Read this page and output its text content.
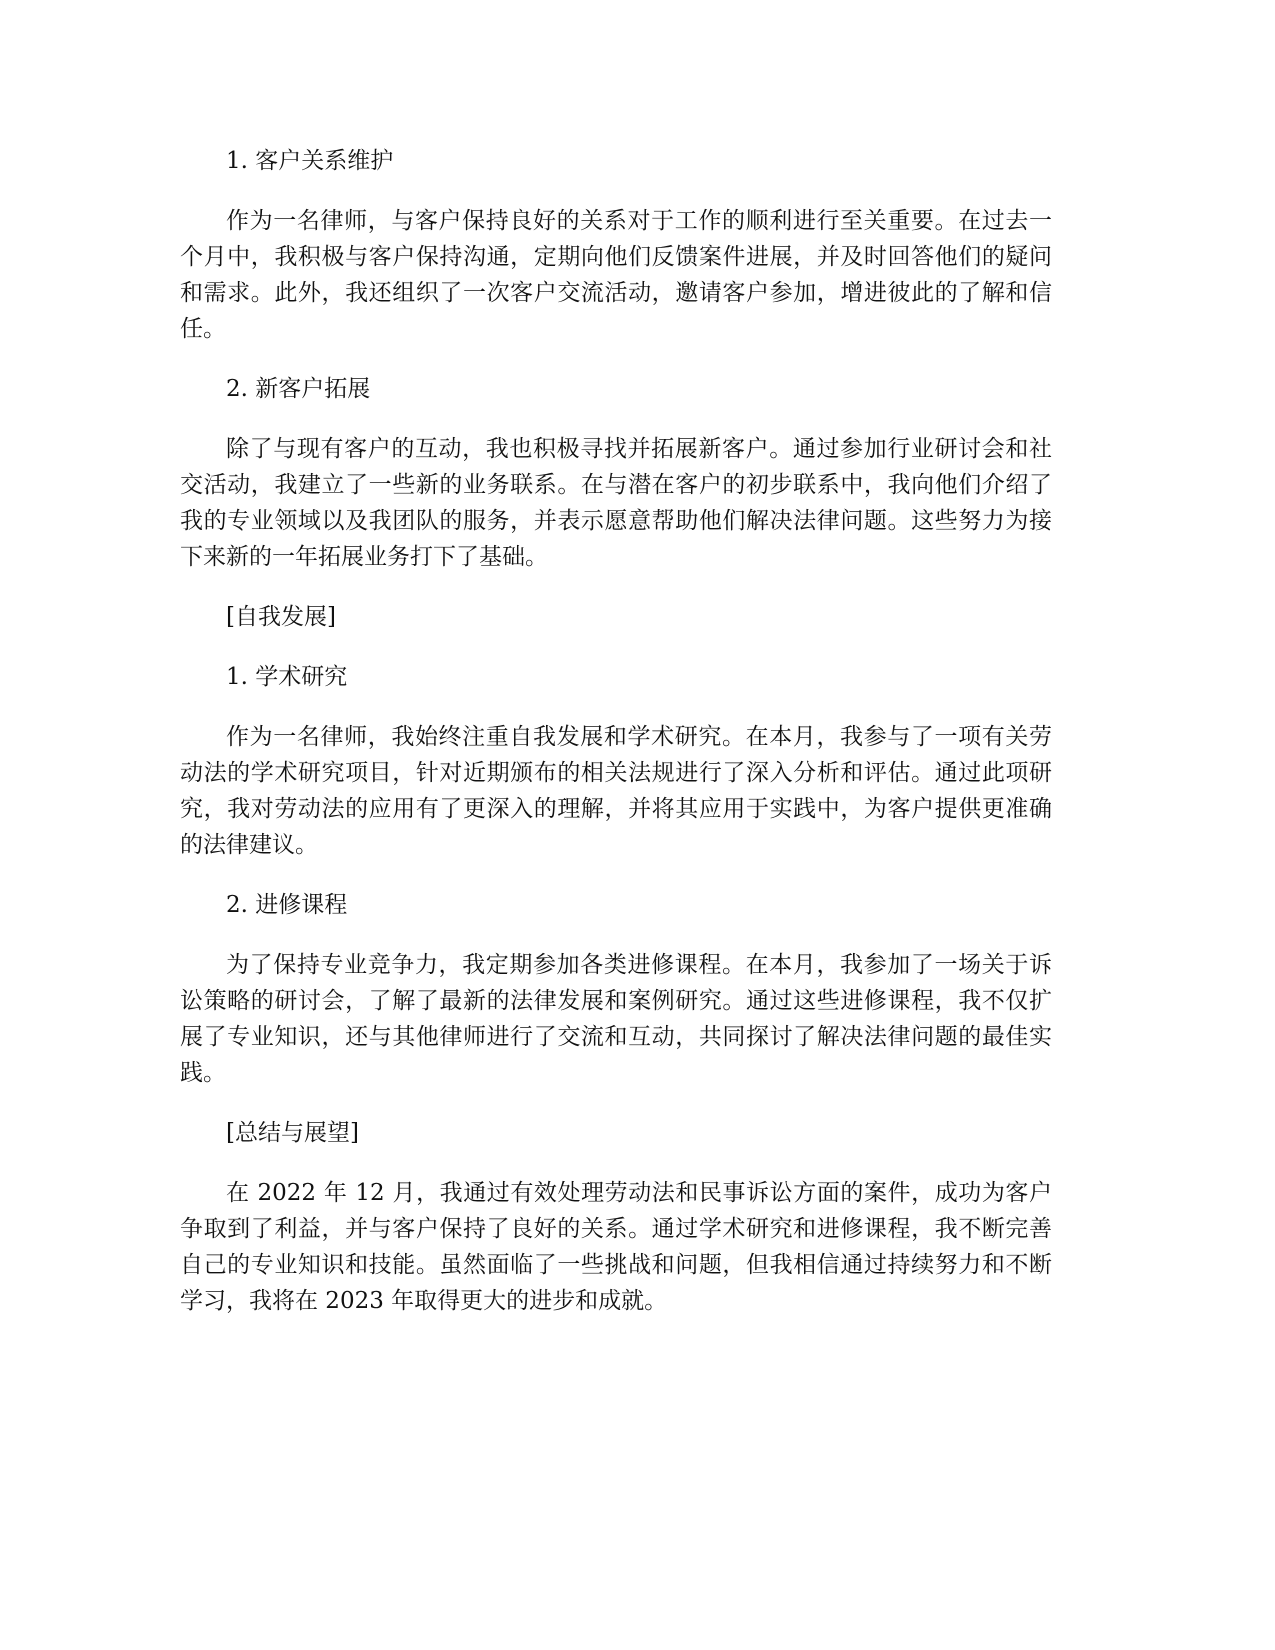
1. 客户关系维护

作为一名律师，与客户保持良好的关系对于工作的顺利进行至关重要。在过去一个月中，我积极与客户保持沟通，定期向他们反馈案件进展，并及时回答他们的疑问和需求。此外，我还组织了一次客户交流活动，邀请客户参加，增进彼此的了解和信任。

2. 新客户拓展

除了与现有客户的互动，我也积极寻找并拓展新客户。通过参加行业研讨会和社交活动，我建立了一些新的业务联系。在与潜在客户的初步联系中，我向他们介绍了我的专业领域以及我团队的服务，并表示愿意帮助他们解决法律问题。这些努力为接下来新的一年拓展业务打下了基础。

[自我发展]

1. 学术研究

作为一名律师，我始终注重自我发展和学术研究。在本月，我参与了一项有关劳动法的学术研究项目，针对近期颁布的相关法规进行了深入分析和评估。通过此项研究，我对劳动法的应用有了更深入的理解，并将其应用于实践中，为客户提供更准确的法律建议。

2. 进修课程

为了保持专业竞争力，我定期参加各类进修课程。在本月，我参加了一场关于诉讼策略的研讨会，了解了最新的法律发展和案例研究。通过这些进修课程，我不仅扩展了专业知识，还与其他律师进行了交流和互动，共同探讨了解决法律问题的最佳实践。

[总结与展望]

在 2022 年 12 月，我通过有效处理劳动法和民事诉讼方面的案件，成功为客户争取到了利益，并与客户保持了良好的关系。通过学术研究和进修课程，我不断完善自己的专业知识和技能。虽然面临了一些挑战和问题，但我相信通过持续努力和不断学习，我将在 2023 年取得更大的进步和成就。
